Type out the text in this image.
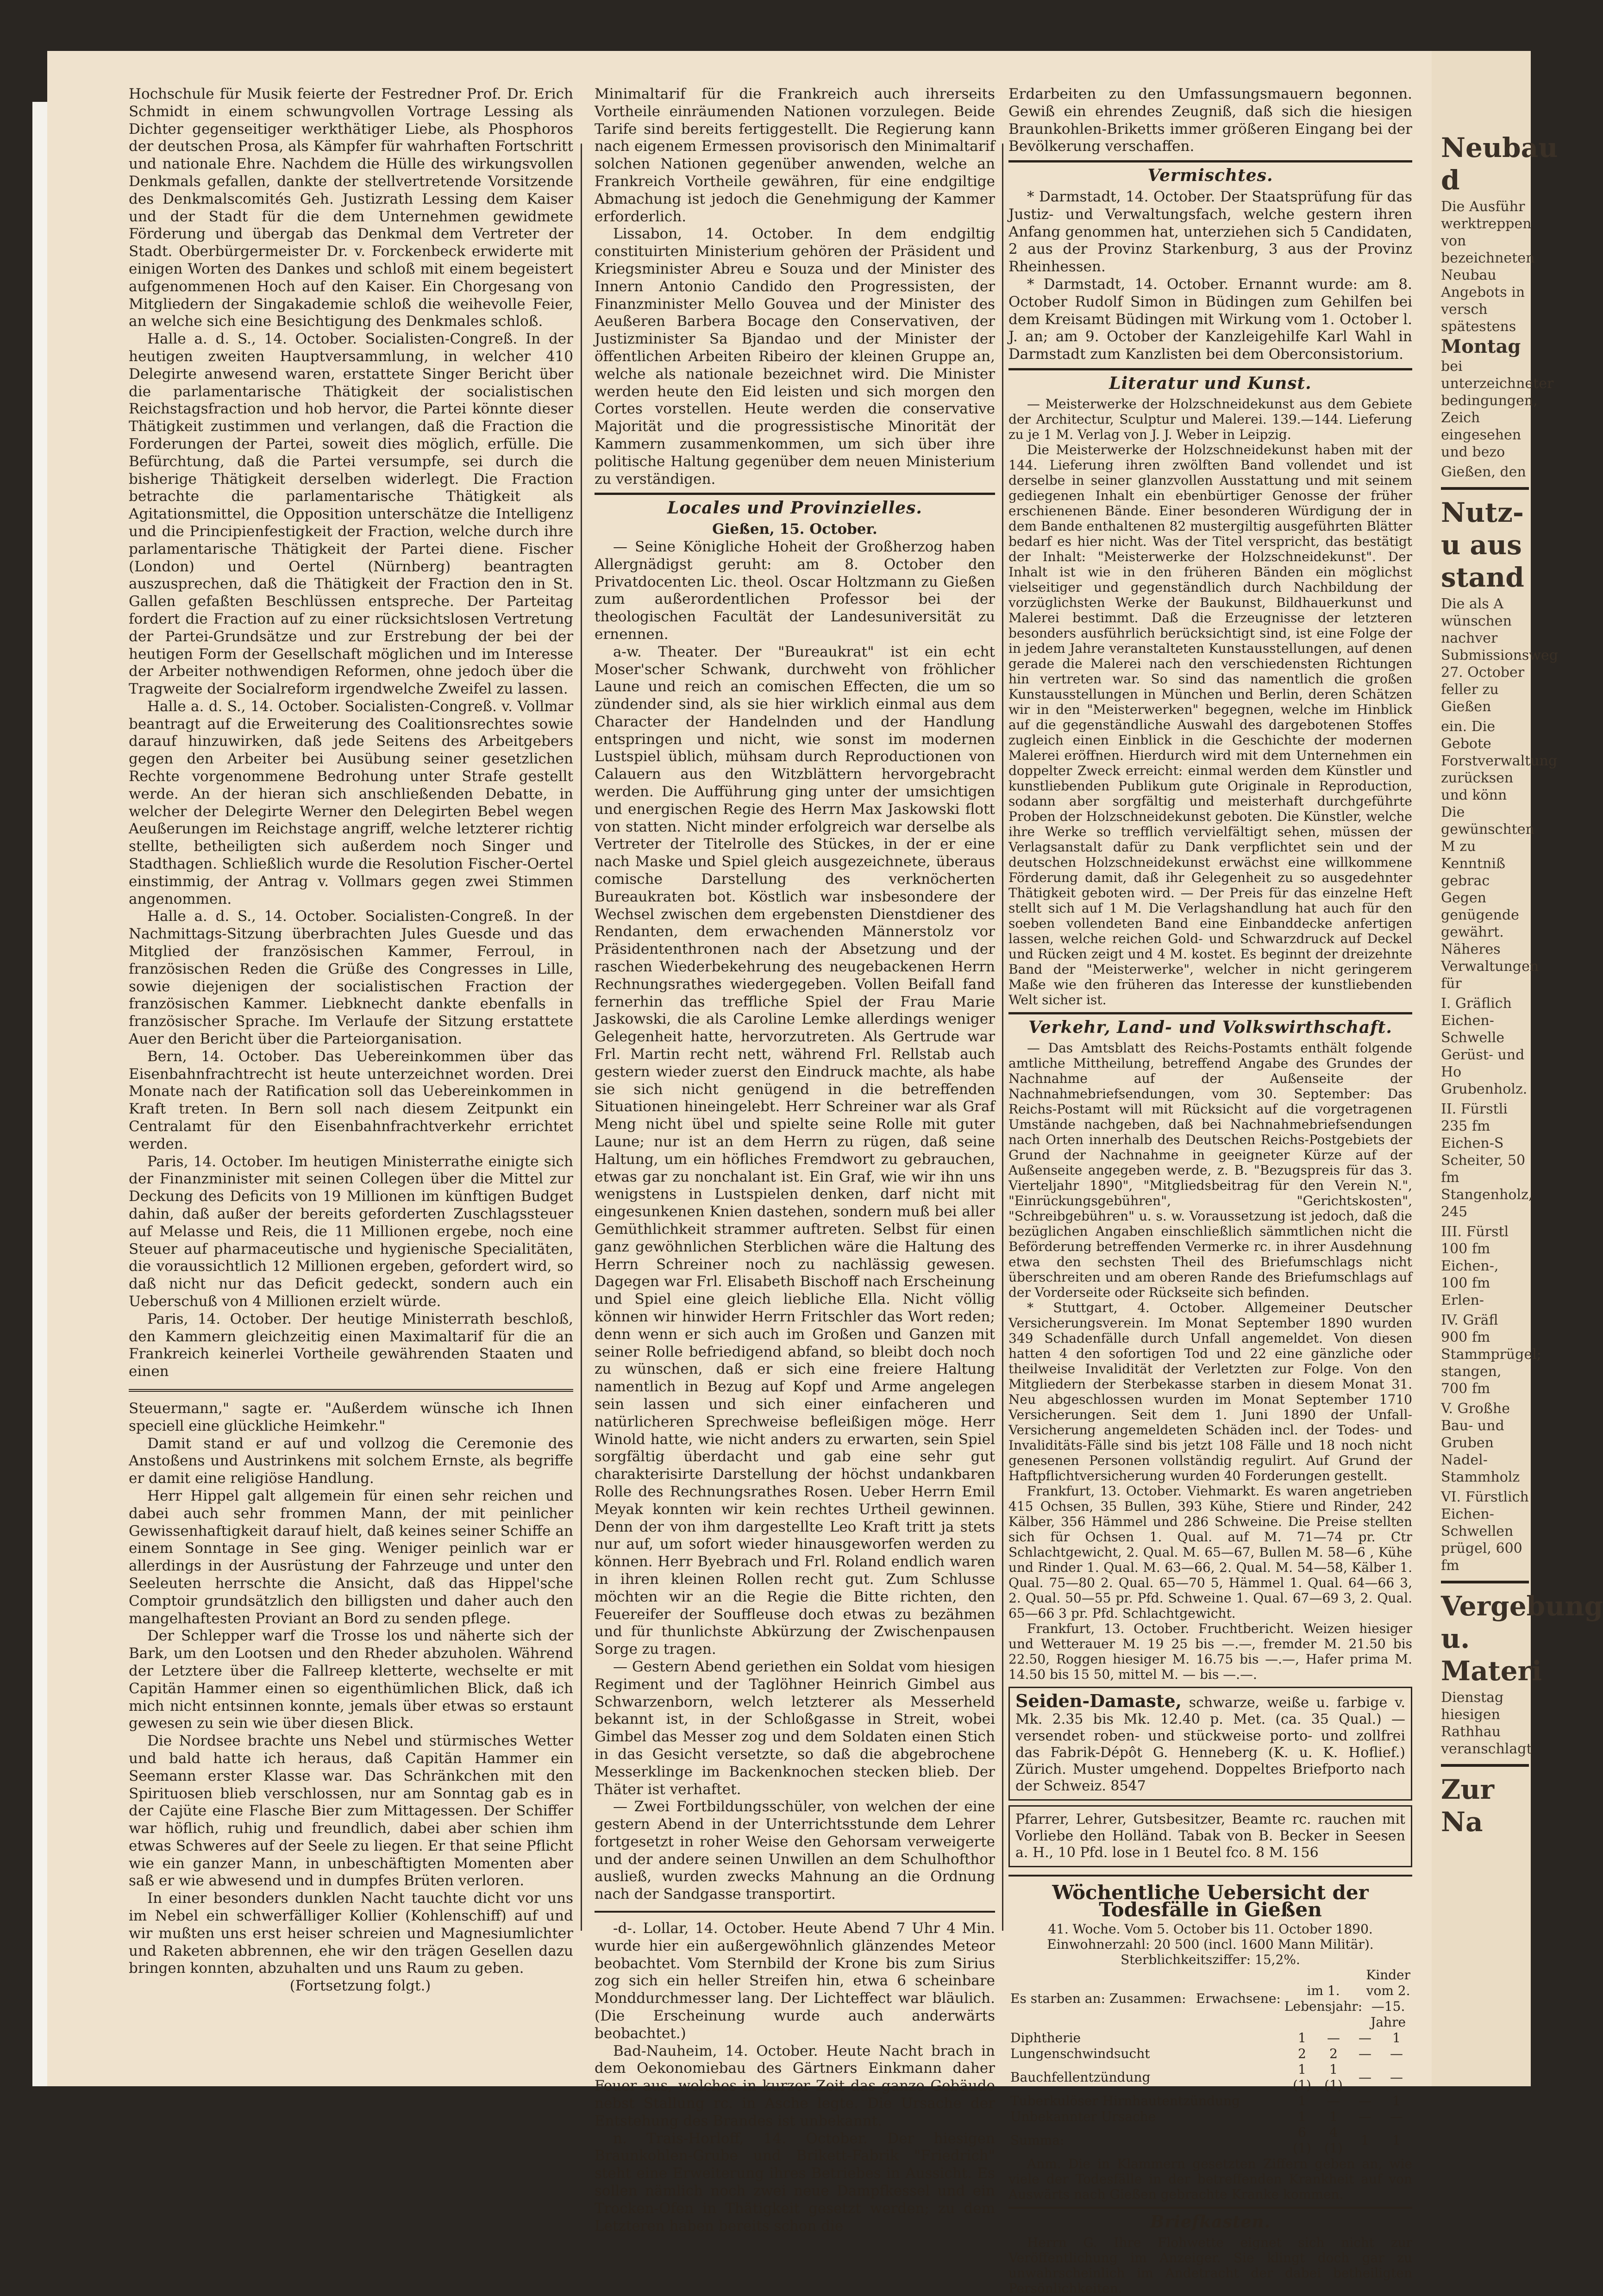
Hochschule für Musik feierte der Festredner Prof. Dr. Erich Schmidt in einem schwungvollen Vortrage Lessing als Dichter gegenseitiger werkthätiger Liebe, als Phosphoros der deutschen Prosa, als Kämpfer für wahrhaften Fortschritt und nationale Ehre. Nachdem die Hülle des wirkungsvollen Denkmals gefallen, dankte der stellvertretende Vorsitzende des Denkmalscomités Geh. Justizrath Lessing dem Kaiser und der Stadt für die dem Unternehmen gewidmete Förderung und übergab das Denkmal dem Vertreter der Stadt. Oberbürgermeister Dr. v. Forckenbeck erwiderte mit einigen Worten des Dankes und schloß mit einem begeistert aufgenommenen Hoch auf den Kaiser. Ein Chorgesang von Mitgliedern der Singakademie schloß die weihevolle Feier, an welche sich eine Besichtigung des Denkmales schloß.

Halle a. d. S., 14. October. Socialisten-Congreß. In der heutigen zweiten Hauptversammlung, in welcher 410 Delegirte anwesend waren, erstattete Singer Bericht über die parlamentarische Thätigkeit der socialistischen Reichstagsfraction und hob hervor, die Partei könnte dieser Thätigkeit zustimmen und verlangen, daß die Fraction die Forderungen der Partei, soweit dies möglich, erfülle. Die Befürchtung, daß die Partei versumpfe, sei durch die bisherige Thätigkeit derselben widerlegt. Die Fraction betrachte die parlamentarische Thätigkeit als Agitationsmittel, die Opposition unterschätze die Intelligenz und die Principienfestigkeit der Fraction, welche durch ihre parlamentarische Thätigkeit der Partei diene. Fischer (London) und Oertel (Nürnberg) beantragten auszusprechen, daß die Thätigkeit der Fraction den in St. Gallen gefaßten Beschlüssen entspreche. Der Parteitag fordert die Fraction auf zu einer rücksichtslosen Vertretung der Partei-Grundsätze und zur Erstrebung der bei der heutigen Form der Gesellschaft möglichen und im Interesse der Arbeiter nothwendigen Reformen, ohne jedoch über die Tragweite der Socialreform irgendwelche Zweifel zu lassen.

Halle a. d. S., 14. October. Socialisten-Congreß. v. Vollmar beantragt auf die Erweiterung des Coalitionsrechtes sowie darauf hinzuwirken, daß jede Seitens des Arbeitgebers gegen den Arbeiter bei Ausübung seiner gesetzlichen Rechte vorgenommene Bedrohung unter Strafe gestellt werde. An der hieran sich anschließenden Debatte, in welcher der Delegirte Werner den Delegirten Bebel wegen Aeußerungen im Reichstage angriff, welche letzterer richtig stellte, betheiligten sich außerdem noch Singer und Stadthagen. Schließlich wurde die Resolution Fischer-Oertel einstimmig, der Antrag v. Vollmars gegen zwei Stimmen angenommen.

Halle a. d. S., 14. October. Socialisten-Congreß. In der Nachmittags-Sitzung überbrachten Jules Guesde und das Mitglied der französischen Kammer, Ferroul, in französischen Reden die Grüße des Congresses in Lille, sowie diejenigen der socialistischen Fraction der französischen Kammer. Liebknecht dankte ebenfalls in französischer Sprache. Im Verlaufe der Sitzung erstattete Auer den Bericht über die Parteiorganisation.

Bern, 14. October. Das Uebereinkommen über das Eisenbahnfrachtrecht ist heute unterzeichnet worden. Drei Monate nach der Ratification soll das Uebereinkommen in Kraft treten. In Bern soll nach diesem Zeitpunkt ein Centralamt für den Eisenbahnfrachtverkehr errichtet werden.

Paris, 14. October. Im heutigen Ministerrathe einigte sich der Finanzminister mit seinen Collegen über die Mittel zur Deckung des Deficits von 19 Millionen im künftigen Budget dahin, daß außer der bereits geforderten Zuschlagssteuer auf Melasse und Reis, die 11 Millionen ergebe, noch eine Steuer auf pharmaceutische und hygienische Specialitäten, die voraussichtlich 12 Millionen ergeben, gefordert wird, so daß nicht nur das Deficit gedeckt, sondern auch ein Ueberschuß von 4 Millionen erzielt würde.

Paris, 14. October. Der heutige Ministerrath beschloß, den Kammern gleichzeitig einen Maximaltarif für die an Frankreich keinerlei Vortheile gewährenden Staaten und einen

Steuermann," sagte er. "Außerdem wünsche ich Ihnen speciell eine glückliche Heimkehr."

Damit stand er auf und vollzog die Ceremonie des Anstoßens und Austrinkens mit solchem Ernste, als begriffe er damit eine religiöse Handlung.

Herr Hippel galt allgemein für einen sehr reichen und dabei auch sehr frommen Mann, der mit peinlicher Gewissenhaftigkeit darauf hielt, daß keines seiner Schiffe an einem Sonntage in See ging. Weniger peinlich war er allerdings in der Ausrüstung der Fahrzeuge und unter den Seeleuten herrschte die Ansicht, daß das Hippel'sche Comptoir grundsätzlich den billigsten und daher auch den mangelhaftesten Proviant an Bord zu senden pflege.

Der Schlepper warf die Trosse los und näherte sich der Bark, um den Lootsen und den Rheder abzuholen. Während der Letztere über die Fallreep kletterte, wechselte er mit Capitän Hammer einen so eigenthümlichen Blick, daß ich mich nicht entsinnen konnte, jemals über etwas so erstaunt gewesen zu sein wie über diesen Blick.

Die Nordsee brachte uns Nebel und stürmisches Wetter und bald hatte ich heraus, daß Capitän Hammer ein Seemann erster Klasse war. Das Schränkchen mit den Spirituosen blieb verschlossen, nur am Sonntag gab es in der Cajüte eine Flasche Bier zum Mittagessen. Der Schiffer war höflich, ruhig und freundlich, dabei aber schien ihm etwas Schweres auf der Seele zu liegen. Er that seine Pflicht wie ein ganzer Mann, in unbeschäftigten Momenten aber saß er wie abwesend und in dumpfes Brüten verloren.

In einer besonders dunklen Nacht tauchte dicht vor uns im Nebel ein schwerfälliger Kollier (Kohlenschiff) auf und wir mußten uns erst heiser schreien und Magnesiumlichter und Raketen abbrennen, ehe wir den trägen Gesellen dazu bringen konnten, abzuhalten und uns Raum zu geben.

(Fortsetzung folgt.)

Minimaltarif für die Frankreich auch ihrerseits Vortheile einräumenden Nationen vorzulegen. Beide Tarife sind bereits fertiggestellt. Die Regierung kann nach eigenem Ermessen provisorisch den Minimaltarif solchen Nationen gegenüber anwenden, welche an Frankreich Vortheile gewähren, für eine endgiltige Abmachung ist jedoch die Genehmigung der Kammer erforderlich.

Lissabon, 14. October. In dem endgiltig constituirten Ministerium gehören der Präsident und Kriegsminister Abreu e Souza und der Minister des Innern Antonio Candido den Progressisten, der Finanzminister Mello Gouvea und der Minister des Aeußeren Barbera Bocage den Conservativen, der Justizminister Sa Bjandao und der Minister der öffentlichen Arbeiten Ribeiro der kleinen Gruppe an, welche als nationale bezeichnet wird. Die Minister werden heute den Eid leisten und sich morgen den Cortes vorstellen. Heute werden die conservative Majorität und die progressistische Minorität der Kammern zusammenkommen, um sich über ihre politische Haltung gegenüber dem neuen Ministerium zu verständigen.

Locales und Provinzielles.

Gießen, 15. October.

— Seine Königliche Hoheit der Großherzog haben Allergnädigst geruht: am 8. October den Privatdocenten Lic. theol. Oscar Holtzmann zu Gießen zum außerordentlichen Professor bei der theologischen Facultät der Landesuniversität zu ernennen.

a-w. Theater. Der "Bureaukrat" ist ein echt Moser'scher Schwank, durchweht von fröhlicher Laune und reich an comischen Effecten, die um so zündender sind, als sie hier wirklich einmal aus dem Character der Handelnden und der Handlung entspringen und nicht, wie sonst im modernen Lustspiel üblich, mühsam durch Reproductionen von Calauern aus den Witzblättern hervorgebracht werden. Die Aufführung ging unter der umsichtigen und energischen Regie des Herrn Max Jaskowski flott von statten. Nicht minder erfolgreich war derselbe als Vertreter der Titelrolle des Stückes, in der er eine nach Maske und Spiel gleich ausgezeichnete, überaus comische Darstellung des verknöcherten Bureaukraten bot. Köstlich war insbesondere der Wechsel zwischen dem ergebensten Dienstdiener des Rendanten, dem erwachenden Männerstolz vor Präsidententhronen nach der Absetzung und der raschen Wiederbekehrung des neugebackenen Herrn Rechnungsrathes wiedergegeben. Vollen Beifall fand fernerhin das treffliche Spiel der Frau Marie Jaskowski, die als Caroline Lemke allerdings weniger Gelegenheit hatte, hervorzutreten. Als Gertrude war Frl. Martin recht nett, während Frl. Rellstab auch gestern wieder zuerst den Eindruck machte, als habe sie sich nicht genügend in die betreffenden Situationen hineingelebt. Herr Schreiner war als Graf Meng nicht übel und spielte seine Rolle mit guter Laune; nur ist an dem Herrn zu rügen, daß seine Haltung, um ein höfliches Fremdwort zu gebrauchen, etwas gar zu nonchalant ist. Ein Graf, wie wir ihn uns wenigstens in Lustspielen denken, darf nicht mit eingesunkenen Knien dastehen, sondern muß bei aller Gemüthlichkeit strammer auftreten. Selbst für einen ganz gewöhnlichen Sterblichen wäre die Haltung des Herrn Schreiner noch zu nachlässig gewesen. Dagegen war Frl. Elisabeth Bischoff nach Erscheinung und Spiel eine gleich liebliche Ella. Nicht völlig können wir hinwider Herrn Fritschler das Wort reden; denn wenn er sich auch im Großen und Ganzen mit seiner Rolle befriedigend abfand, so bleibt doch noch zu wünschen, daß er sich eine freiere Haltung namentlich in Bezug auf Kopf und Arme angelegen sein lassen und sich einer einfacheren und natürlicheren Sprechweise befleißigen möge. Herr Winold hatte, wie nicht anders zu erwarten, sein Spiel sorgfältig überdacht und gab eine sehr gut charakterisirte Darstellung der höchst undankbaren Rolle des Rechnungsrathes Rosen. Ueber Herrn Emil Meyak konnten wir kein rechtes Urtheil gewinnen. Denn der von ihm dargestellte Leo Kraft tritt ja stets nur auf, um sofort wieder hinausgeworfen werden zu können. Herr Byebrach und Frl. Roland endlich waren in ihren kleinen Rollen recht gut. Zum Schlusse möchten wir an die Regie die Bitte richten, den Feuereifer der Souffleuse doch etwas zu bezähmen und für thunlichste Abkürzung der Zwischenpausen Sorge zu tragen.

— Gestern Abend geriethen ein Soldat vom hiesigen Regiment und der Taglöhner Heinrich Gimbel aus Schwarzenborn, welch letzterer als Messerheld bekannt ist, in der Schloßgasse in Streit, wobei Gimbel das Messer zog und dem Soldaten einen Stich in das Gesicht versetzte, so daß die abgebrochene Messerklinge im Backenknochen stecken blieb. Der Thäter ist verhaftet.

— Zwei Fortbildungsschüler, von welchen der eine gestern Abend in der Unterrichtsstunde dem Lehrer fortgesetzt in roher Weise den Gehorsam verweigerte und der andere seinen Unwillen an dem Schulhofthor ausließ, wurden zwecks Mahnung an die Ordnung nach der Sandgasse transportirt.

-d-. Lollar, 14. October. Heute Abend 7 Uhr 4 Min. wurde hier ein außergewöhnlich glänzendes Meteor beobachtet. Vom Sternbild der Krone bis zum Sirius zog sich ein heller Streifen hin, etwa 6 scheinbare Monddurchmesser lang. Der Lichteffect war bläulich. (Die Erscheinung wurde auch anderwärts beobachtet.)

Bad-Nauheim, 14. October. Heute Nacht brach in dem Oekonomiebau des Gärtners Einkmann daher Feuer aus, welches in kurzer Zeit das ganze Gebäude nebst Stallung rc. in Asche legte. Die Ursache der Entstehung des Brandes ist unbekannt.

n. Trais-Horloff, 14. October. Der hiesigen Braunkohlen-Grube und Brikett-Fabrik "Friedrich" steht eine Erweiterung ihres Betriebes in Aussicht. Es sollen nämlich noch zwei neue Dampfkessel und ein Trocken-Ofen in Thätigkeit gesetzt werden; zu dem Letzteren haben bereits schon die

Erdarbeiten zu den Umfassungsmauern begonnen. Gewiß ein ehrendes Zeugniß, daß sich die hiesigen Braunkohlen-Briketts immer größeren Eingang bei der Bevölkerung verschaffen.

Vermischtes.

* Darmstadt, 14. October. Der Staatsprüfung für das Justiz- und Verwaltungsfach, welche gestern ihren Anfang genommen hat, unterziehen sich 5 Candidaten, 2 aus der Provinz Starkenburg, 3 aus der Provinz Rheinhessen.

* Darmstadt, 14. October. Ernannt wurde: am 8. October Rudolf Simon in Büdingen zum Gehilfen bei dem Kreisamt Büdingen mit Wirkung vom 1. October l. J. an; am 9. October der Kanzleigehilfe Karl Wahl in Darmstadt zum Kanzlisten bei dem Oberconsistorium.

Literatur und Kunst.

— Meisterwerke der Holzschneidekunst aus dem Gebiete der Architectur, Sculptur und Malerei. 139.—144. Lieferung zu je 1 M. Verlag von J. J. Weber in Leipzig.

Die Meisterwerke der Holzschneidekunst haben mit der 144. Lieferung ihren zwölften Band vollendet und ist derselbe in seiner glanzvollen Ausstattung und mit seinem gediegenen Inhalt ein ebenbürtiger Genosse der früher erschienenen Bände. Einer besonderen Würdigung der in dem Bande enthaltenen 82 mustergiltig ausgeführten Blätter bedarf es hier nicht. Was der Titel verspricht, das bestätigt der Inhalt: "Meisterwerke der Holzschneidekunst". Der Inhalt ist wie in den früheren Bänden ein möglichst vielseitiger und gegenständlich durch Nachbildung der vorzüglichsten Werke der Baukunst, Bildhauerkunst und Malerei bestimmt. Daß die Erzeugnisse der letzteren besonders ausführlich berücksichtigt sind, ist eine Folge der in jedem Jahre veranstalteten Kunstausstellungen, auf denen gerade die Malerei nach den verschiedensten Richtungen hin vertreten war. So sind das namentlich die großen Kunstausstellungen in München und Berlin, deren Schätzen wir in den "Meisterwerken" begegnen, welche im Hinblick auf die gegenständliche Auswahl des dargebotenen Stoffes zugleich einen Einblick in die Geschichte der modernen Malerei eröffnen. Hierdurch wird mit dem Unternehmen ein doppelter Zweck erreicht: einmal werden dem Künstler und kunstliebenden Publikum gute Originale in Reproduction, sodann aber sorgfältig und meisterhaft durchgeführte Proben der Holzschneidekunst geboten. Die Künstler, welche ihre Werke so trefflich vervielfältigt sehen, müssen der Verlagsanstalt dafür zu Dank verpflichtet sein und der deutschen Holzschneidekunst erwächst eine willkommene Förderung damit, daß ihr Gelegenheit zu so ausgedehnter Thätigkeit geboten wird. — Der Preis für das einzelne Heft stellt sich auf 1 M. Die Verlagshandlung hat auch für den soeben vollendeten Band eine Einbanddecke anfertigen lassen, welche reichen Gold- und Schwarzdruck auf Deckel und Rücken zeigt und 4 M. kostet. Es beginnt der dreizehnte Band der "Meisterwerke", welcher in nicht geringerem Maße wie den früheren das Interesse der kunstliebenden Welt sicher ist.

Verkehr, Land- und Volkswirthschaft.

— Das Amtsblatt des Reichs-Postamts enthält folgende amtliche Mittheilung, betreffend Angabe des Grundes der Nachnahme auf der Außenseite der Nachnahmebriefsendungen, vom 30. September: Das Reichs-Postamt will mit Rücksicht auf die vorgetragenen Umstände nachgeben, daß bei Nachnahmebriefsendungen nach Orten innerhalb des Deutschen Reichs-Postgebiets der Grund der Nachnahme in geeigneter Kürze auf der Außenseite angegeben werde, z. B. "Bezugspreis für das 3. Vierteljahr 1890", "Mitgliedsbeitrag für den Verein N.", "Einrückungsgebühren", "Gerichtskosten", "Schreibgebühren" u. s. w. Voraussetzung ist jedoch, daß die bezüglichen Angaben einschließlich sämmtlichen nicht die Beförderung betreffenden Vermerke rc. in ihrer Ausdehnung etwa den sechsten Theil des Briefumschlags nicht überschreiten und am oberen Rande des Briefumschlags auf der Vorderseite oder Rückseite sich befinden.

* Stuttgart, 4. October. Allgemeiner Deutscher Versicherungsverein. Im Monat September 1890 wurden 349 Schadenfälle durch Unfall angemeldet. Von diesen hatten 4 den sofortigen Tod und 22 eine gänzliche oder theilweise Invalidität der Verletzten zur Folge. Von den Mitgliedern der Sterbekasse starben in diesem Monat 31. Neu abgeschlossen wurden im Monat September 1710 Versicherungen. Seit dem 1. Juni 1890 der Unfall-Versicherung angemeldeten Schäden incl. der Todes- und Invaliditäts-Fälle sind bis jetzt 108 Fälle und 18 noch nicht genesenen Personen vollständig regulirt. Auf Grund der Haftpflichtversicherung wurden 40 Forderungen gestellt.

Frankfurt, 13. October. Viehmarkt. Es waren angetrieben 415 Ochsen, 35 Bullen, 393 Kühe, Stiere und Rinder, 242 Kälber, 356 Hämmel und 286 Schweine. Die Preise stellten sich für Ochsen 1. Qual. auf M. 71—74 pr. Ctr Schlachtgewicht, 2. Qual. M. 65—67, Bullen M. 58—6 , Kühe und Rinder 1. Qual. M. 63—66, 2. Qual. M. 54—58, Kälber 1. Qual. 75—80 2. Qual. 65—70 5, Hämmel 1. Qual. 64—66 3, 2. Qual. 50—55 pr. Pfd. Schweine 1. Qual. 67—69 3, 2. Qual. 65—66 3 pr. Pfd. Schlachtgewicht.

Frankfurt, 13. October. Fruchtbericht. Weizen hiesiger und Wetterauer M. 19 25 bis —.—, fremder M. 21.50 bis 22.50, Roggen hiesiger M. 16.75 bis —.—, Hafer prima M. 14.50 bis 15 50, mittel M. — bis —.—.

Seiden-Damaste, schwarze, weiße u. farbige v. Mk. 2.35 bis Mk. 12.40 p. Met. (ca. 35 Qual.) — versendet roben- und stückweise porto- und zollfrei das Fabrik-Dépôt G. Henneberg (K. u. K. Hoflief.) Zürich. Muster umgehend. Doppeltes Briefporto nach der Schweiz. 8547
Pfarrer, Lehrer, Gutsbesitzer, Beamte rc. rauchen mit Vorliebe den Holländ. Tabak von B. Becker in Seesen a. H., 10 Pfd. lose in 1 Beutel fco. 8 M. 156
Wöchentliche Uebersicht der Todesfälle in Gießen

41. Woche. Vom 5. October bis 11. October 1890.

Einwohnerzahl: 20 500 (incl. 1600 Mann Militär).

Sterblichkeitsziffer: 15,2%.

Es starben an: Zusammen:	Erwachsene:	im 1. Lebensjahr:	Kinder vom 2.—15. Jahre
Diphtherie	1	—	—	1
Lungenschwindsucht	2	2	—	—
Bauchfellentzündung	1 (1)	1 (1)	—	—
Tuberkulöser Hirnhautentzündung	1	—	—	1
Unbekannter Ursache	1	1	—	—
Summa:	6 (1)	4 (1)	1	1

Anm. Die in Klammern gesetzten Ziffern geben an, wie viele der Todesfälle in der betreffenden Krankheit auf von Auswärts nach Gießen gebrachte Kranke kommen.

Briefkasten.

Herrn G. Ihre Flohwette eignet sich nicht zur Veröffentlichung im Anzeiger. Sie klingt doch gar zu unwahrscheinlich im Andetracht der dabei betheiligten Persönlichkeiten.

Neubau d

Die Ausführ werktreppen von bezeichneten Neubau Angebots in versch spätestens

Montag

bei unterzeichneter bedingungen, Zeich eingesehen und bezo

Gießen, den

Nutz- u aus stand

Die als A wünschen nachver Submissionsweg 27. October feller zu Gießen

ein. Die Gebote Forstverwaltung zurücksen und könn Die gewünschten M zu Kenntniß gebrac Gegen genügende gewährt. Näheres Verwaltungen für

I. Gräflich Eichen-Schwelle Gerüst- und Ho Grubenholz.

II. Fürstli 235 fm Eichen-S Scheiter, 50 fm Stangenholz, 245

III. Fürstl 100 fm Eichen-, 100 fm Erlen-

IV. Gräfl 900 fm Stammprügel; stangen, 700 fm

V. Großhe Bau- und Gruben Nadel-Stammholz

VI. Fürstlich Eichen-Schwellen prügel, 600 fm

Vergebung u. Materi

Dienstag hiesigen Rathhau veranschlagt

Zur Na
